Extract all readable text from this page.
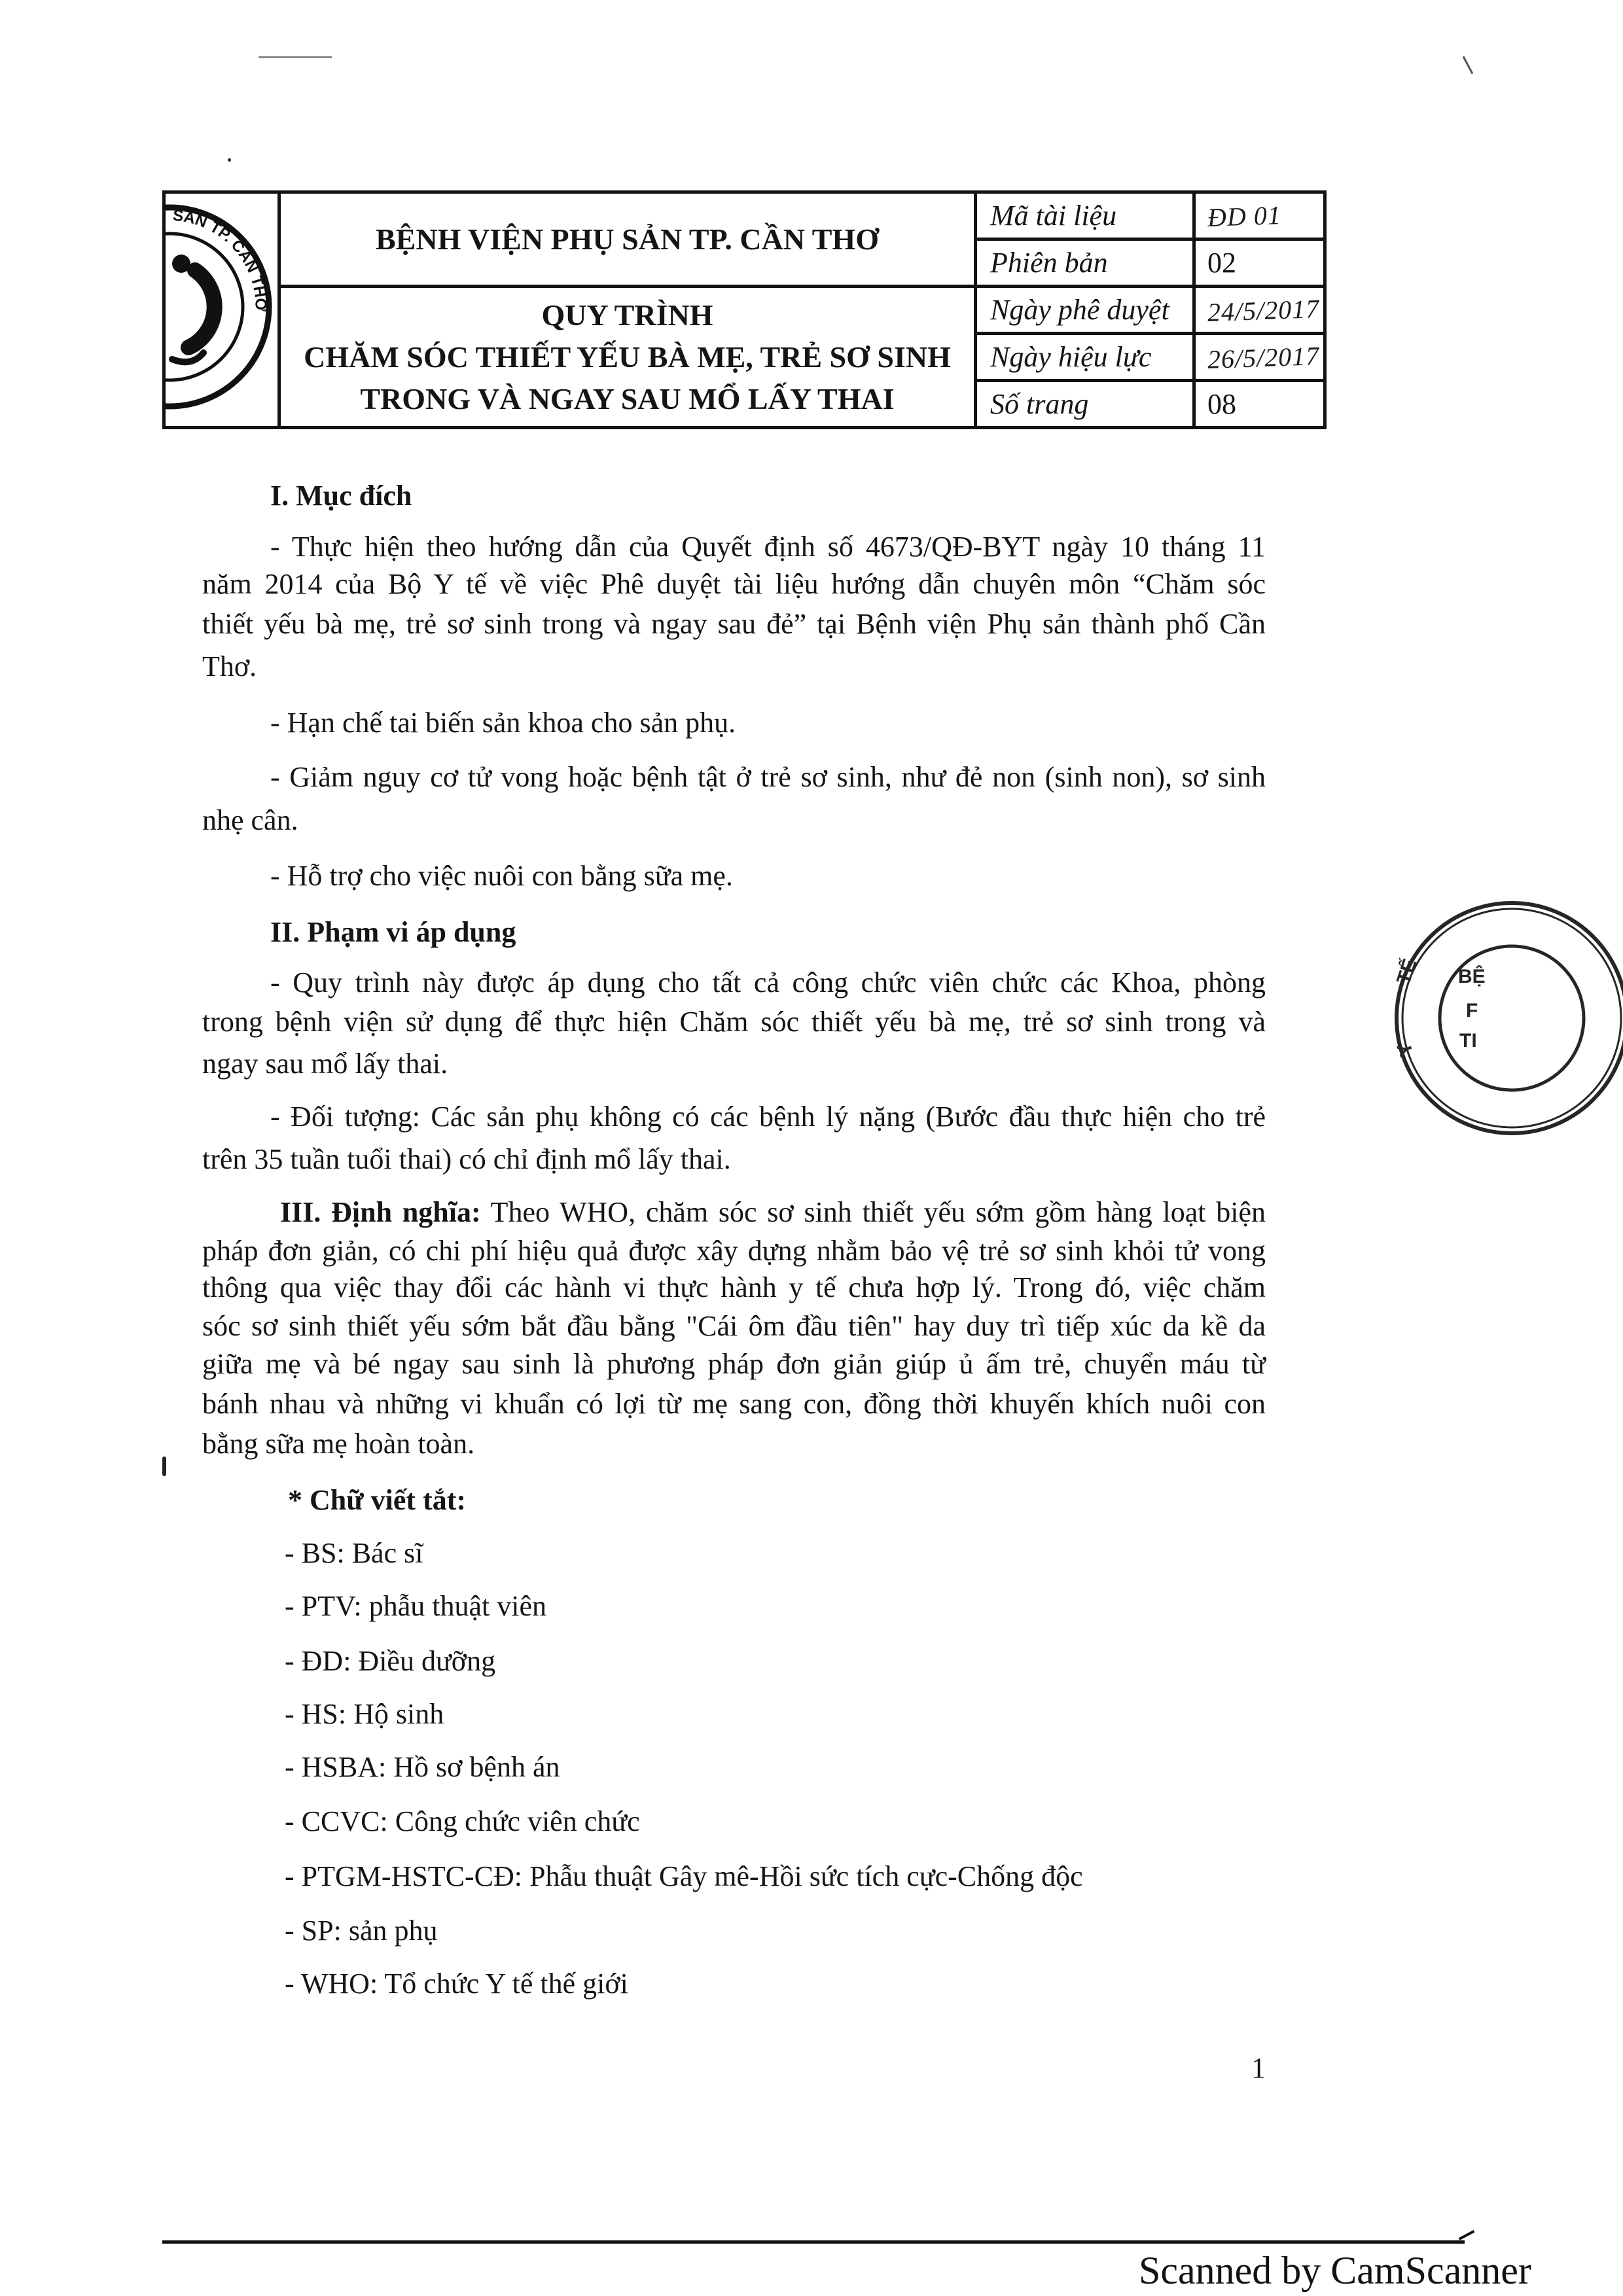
SẢN TP. CẦN THƠ	BỆNH VIỆN PHỤ SẢN TP. CẦN THƠ	Mã tài liệu	ĐD 01
		Phiên bản	02

	QUY TRÌNH
CHĂM SÓC THIẾT YẾU BÀ MẸ, TRẺ SƠ SINH
TRONG VÀ NGAY SAU MỔ LẤY THAI	Ngày phê duyệt	24/5/2017
		Ngày hiệu lực	26/5/2017
		Số trang	08
I. Mục đích
- Thực hiện theo hướng dẫn của Quyết định số 4673/QĐ-BYT ngày 10 tháng 11
năm 2014 của Bộ Y tế về việc Phê duyệt tài liệu hướng dẫn chuyên môn “Chăm sóc
thiết yếu bà mẹ, trẻ sơ sinh trong và ngay sau đẻ” tại Bệnh viện Phụ sản thành phố Cần
Thơ.
- Hạn chế tai biến sản khoa cho sản phụ.
- Giảm nguy cơ tử vong hoặc bệnh tật ở trẻ sơ sinh, như đẻ non (sinh non), sơ sinh
nhẹ cân.
- Hỗ trợ cho việc nuôi con bằng sữa mẹ.
II. Phạm vi áp dụng
- Quy trình này được áp dụng cho tất cả công chức viên chức các Khoa, phòng
trong bệnh viện sử dụng để thực hiện Chăm sóc thiết yếu bà mẹ, trẻ sơ sinh trong và
ngay sau mổ lấy thai.
- Đối tượng: Các sản phụ không có các bệnh lý nặng (Bước đầu thực hiện cho trẻ
trên 35 tuần tuổi thai) có chỉ định mổ lấy thai.
III. Định nghĩa: Theo WHO, chăm sóc sơ sinh thiết yếu sớm gồm hàng loạt biện
pháp đơn giản, có chi phí hiệu quả được xây dựng nhằm bảo vệ trẻ sơ sinh khỏi tử vong
thông qua việc thay đổi các hành vi thực hành y tế chưa hợp lý. Trong đó, việc chăm
sóc sơ sinh thiết yếu sớm bắt đầu bằng "Cái ôm đầu tiên" hay duy trì tiếp xúc da kề da
giữa mẹ và bé ngay sau sinh là phương pháp đơn giản giúp ủ ấm trẻ, chuyển máu từ
bánh nhau và những vi khuẩn có lợi từ mẹ sang con, đồng thời khuyến khích nuôi con
bằng sữa mẹ hoàn toàn.
* Chữ viết tắt:
- BS: Bác sĩ
- PTV: phẫu thuật viên
- ĐD: Điều dưỡng
- HS: Hộ sinh
- HSBA: Hồ sơ bệnh án
- CCVC: Công chức viên chức
- PTGM-HSTC-CĐ: Phẫu thuật Gây mê-Hồi sức tích cực-Chống độc
- SP: sản phụ
- WHO: Tổ chức Y tế thế giới
TẾ
Y
BỆ
F
TI
1
Scanned by CamScanner
